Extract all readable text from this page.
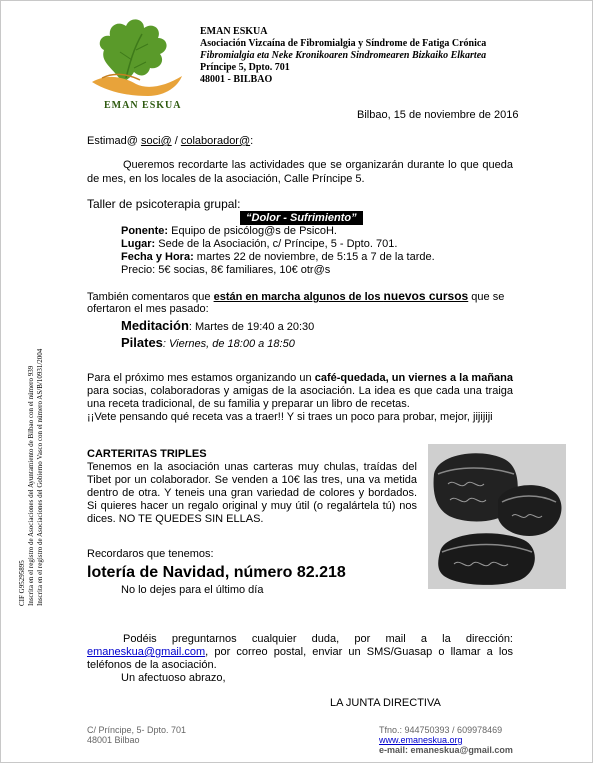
EMAN ESKUA
EMAN ESKUA
Asociación Vizcaína de Fibromialgia y Síndrome de Fatiga Crónica
Fibromialgia eta Neke Kronikoaren Sindromearen Bizkaiko Elkartea
Príncipe 5, Dpto. 701
48001 - BILBAO
CIF G95295895 Inscrita en el registro de Asociaciones del Ayuntamiento de Bilbao con el número 939 Inscrita en el registro de Asociaciones del Gobierno Vasco con el número AS/B/10931/2004
Bilbao, 15 de noviembre de 2016
Estimad@ soci@ / colaborador@:
Queremos recordarte las actividades que se organizarán durante lo que queda de mes, en los locales de la asociación, Calle Príncipe 5.
Taller de psicoterapia grupal:
“Dolor - Sufrimiento”
Ponente: Equipo de psicólog@s de PsicoH.
Lugar: Sede de la Asociación, c/ Príncipe, 5 - Dpto. 701.
Fecha y Hora: martes 22 de noviembre, de 5:15 a 7 de la tarde.
Precio: 5€ socias, 8€ familiares, 10€ otr@s
También comentaros que están en marcha algunos de los nuevos cursos que se
ofertaron el mes pasado:
Meditación: Martes de 19:40 a 20:30
Pilates: Viernes, de 18:00 a 18:50
Para el próximo mes estamos organizando un café-quedada, un viernes a la mañana para socias, colaboradoras y amigas de la asociación. La idea es que cada una traiga una receta tradicional, de su familia y preparar un libro de recetas.
¡¡Vete pensando qué receta vas a traer!! Y si traes un poco para probar, mejor, jijijiji
CARTERITAS TRIPLES
Tenemos en la asociación unas carteras muy chulas, traídas del Tibet por un colaborador. Se venden a 10€ las tres, una va metida dentro de otra. Y teneis una gran variedad de colores y bordados. Si quieres hacer un regalo original y muy útil (o regalártela tú) nos dices. NO TE QUEDES SIN ELLAS.
Recordaros que tenemos:
lotería de Navidad, número 82.218
No lo dejes para el último día
Podéis preguntarnos cualquier duda, por mail a la dirección: emaneskua@gmail.com, por correo postal, enviar un SMS/Guasap o llamar a los teléfonos de la asociación.
Un afectuoso abrazo,
LA JUNTA DIRECTIVA
C/ Príncipe, 5- Dpto. 701
48001 Bilbao
Tfno.: 944750393 / 609978469
www.emaneskua.org
e-mail: emaneskua@gmail.com
